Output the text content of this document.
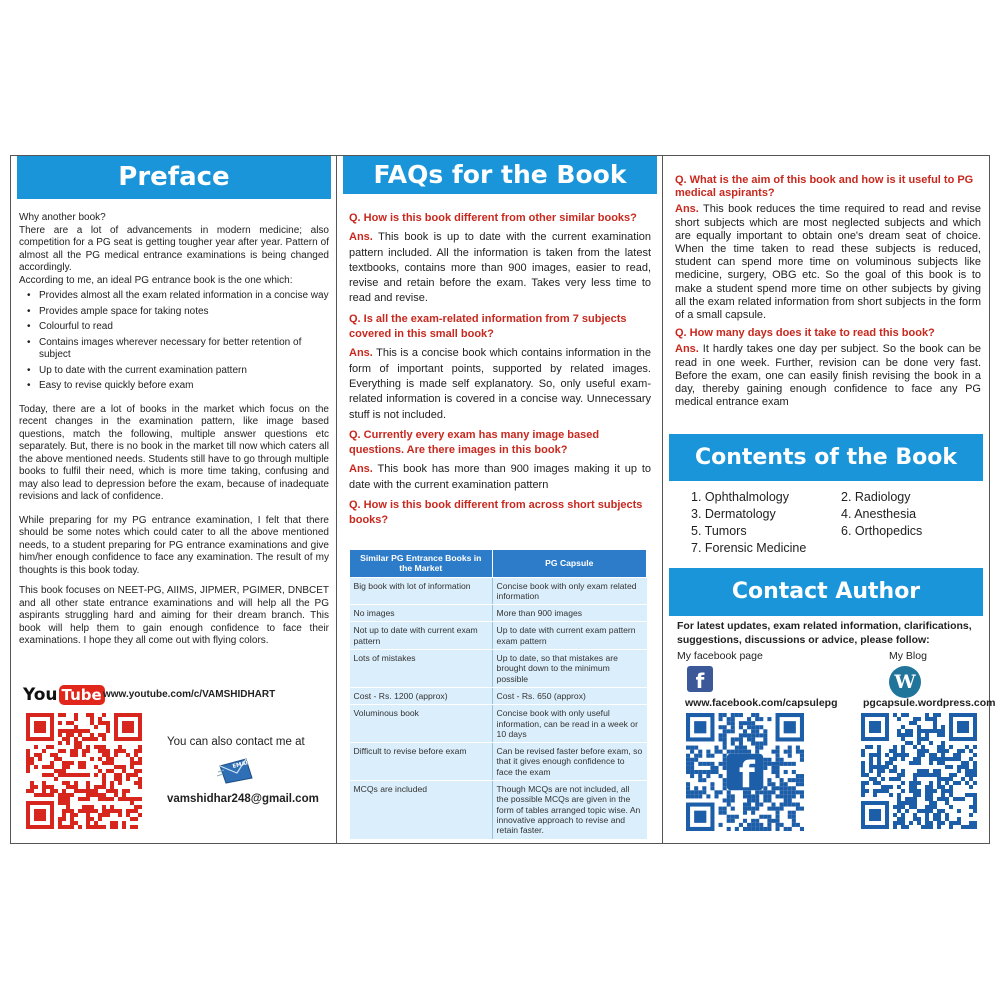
Preface
Why another book?

There are a lot of advancements in modern medicine; also competition for a PG seat is getting tougher year after year. Pattern of almost all the PG medical entrance examinations is being changed accordingly.

According to me, an ideal PG entrance book is the one which:

• Provides almost all the exam related information in a concise way
• Provides ample space for taking notes
• Colourful to read
• Contains images wherever necessary for better retention of subject
• Up to date with the current examination pattern
• Easy to revise quickly before exam

Today, there are a lot of books in the market which focus on the recent changes in the examination pattern, like image based questions, match the following, multiple answer questions etc separately. But, there is no book in the market till now which caters all the above mentioned needs. Students still have to go through multiple books to fulfil their need, which is more time taking, confusing and may also lead to depression before the exam, because of inadequate revisions and lack of confidence.

While preparing for my PG entrance examination, I felt that there should be some notes which could cater to all the above mentioned needs, to a student preparing for PG entrance examinations and give him/her enough confidence to face any examination. The result of my thoughts is this book today.

This book focuses on NEET-PG, AIIMS, JIPMER, PGIMER, DNBCET and all other state entrance examinations and will help all the PG aspirants struggling hard and aiming for their dream branch. This book will help them to gain enough confidence to face their examinations. I hope they all come out with flying colors.

You Tube www.youtube.com/c/VAMSHIDHART
You can also contact me at
EMAIL
vamshidhar248@gmail.com
FAQs for the Book
Q. How is this book different from other similar books?
Ans. This book is up to date with the current examination pattern included. All the information is taken from the latest textbooks, contains more than 900 images, easier to read, revise and retain before the exam. Takes very less time to read and revise.
Q. Is all the exam-related information from 7 subjects covered in this small book?
Ans. This is a concise book which contains information in the form of important points, supported by related images. Everything is made self explanatory. So, only useful exam-related information is covered in a concise way. Unnecessary stuff is not included.
Q. Currently every exam has many image based questions. Are there images in this book?
Ans. This book has more than 900 images making it up to date with the current examination pattern
Q. How is this book different from across short subjects books?
Similar PG Entrance Books in the Market	PG Capsule
Big book with lot of information	Concise book with only exam related information
No images	More than 900 images
Not up to date with current exam pattern	Up to date with current exam pattern exam pattern
Lots of mistakes	Up to date, so that mistakes are brought down to the minimum possible
Cost - Rs. 1200 (approx)	Cost - Rs. 650 (approx)
Voluminous book	Concise book with only useful information, can be read in a week or 10 days
Difficult to revise before exam	Can be revised faster before exam, so that it gives enough confidence to face the exam
MCQs are included	Though MCQs are not included, all the possible MCQs are given in the form of tables arranged topic wise. An innovative approach to revise and retain faster.
Q. What is the aim of this book and how is it useful to PG medical aspirants?
Ans. This book reduces the time required to read and revise short subjects which are most neglected subjects and which are equally important to obtain one's dream seat of choice. When the time taken to read these subjects is reduced, student can spend more time on voluminous subjects like medicine, surgery, OBG etc. So the goal of this book is to make a student spend more time on other subjects by giving all the exam related information from short subjects in the form of a small capsule.
Q. How many days does it take to read this book?
Ans. It hardly takes one day per subject. So the book can be read in one week. Further, revision can be done very fast. Before the exam, one can easily finish revising the book in a day, thereby gaining enough confidence to face any PG medical entrance exam
Contents of the Book
1. Ophthalmology	2. Radiology
3. Dermatology	4. Anesthesia
5. Tumors	6. Orthopedics
7. Forensic Medicine
Contact Author
For latest updates, exam related information, clarifications, suggestions, discussions or advice, please follow:
My facebook page	My Blog
f	W
www.facebook.com/capsulepg pgcapsule.wordpress.com
f
